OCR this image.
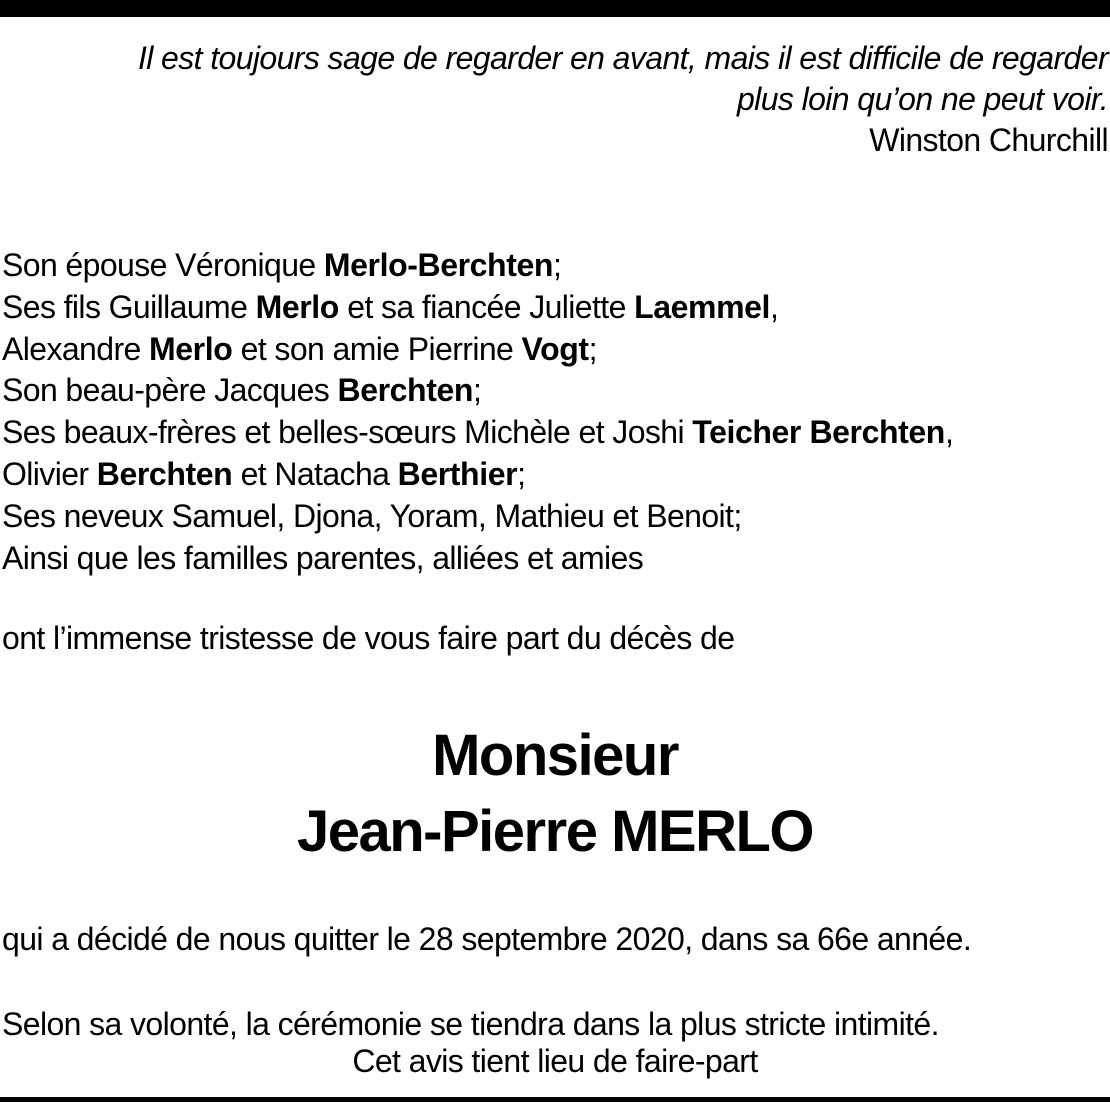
Il est toujours sage de regarder en avant, mais il est difficile de regarder
plus loin qu’on ne peut voir.
Winston Churchill
Son épouse Véronique Merlo-Berchten;
Ses fils Guillaume Merlo et sa fiancée Juliette Laemmel,
Alexandre Merlo et son amie Pierrine Vogt;
Son beau-père Jacques Berchten;
Ses beaux-frères et belles-sœurs Michèle et Joshi Teicher Berchten,
Olivier Berchten et Natacha Berthier;
Ses neveux Samuel, Djona, Yoram, Mathieu et Benoit;
Ainsi que les familles parentes, alliées et amies
ont l’immense tristesse de vous faire part du décès de
Monsieur
Jean-Pierre MERLO
qui a décidé de nous quitter le 28 septembre 2020, dans sa 66e année.
Selon sa volonté, la cérémonie se tiendra dans la plus stricte intimité.
Cet avis tient lieu de faire-part
